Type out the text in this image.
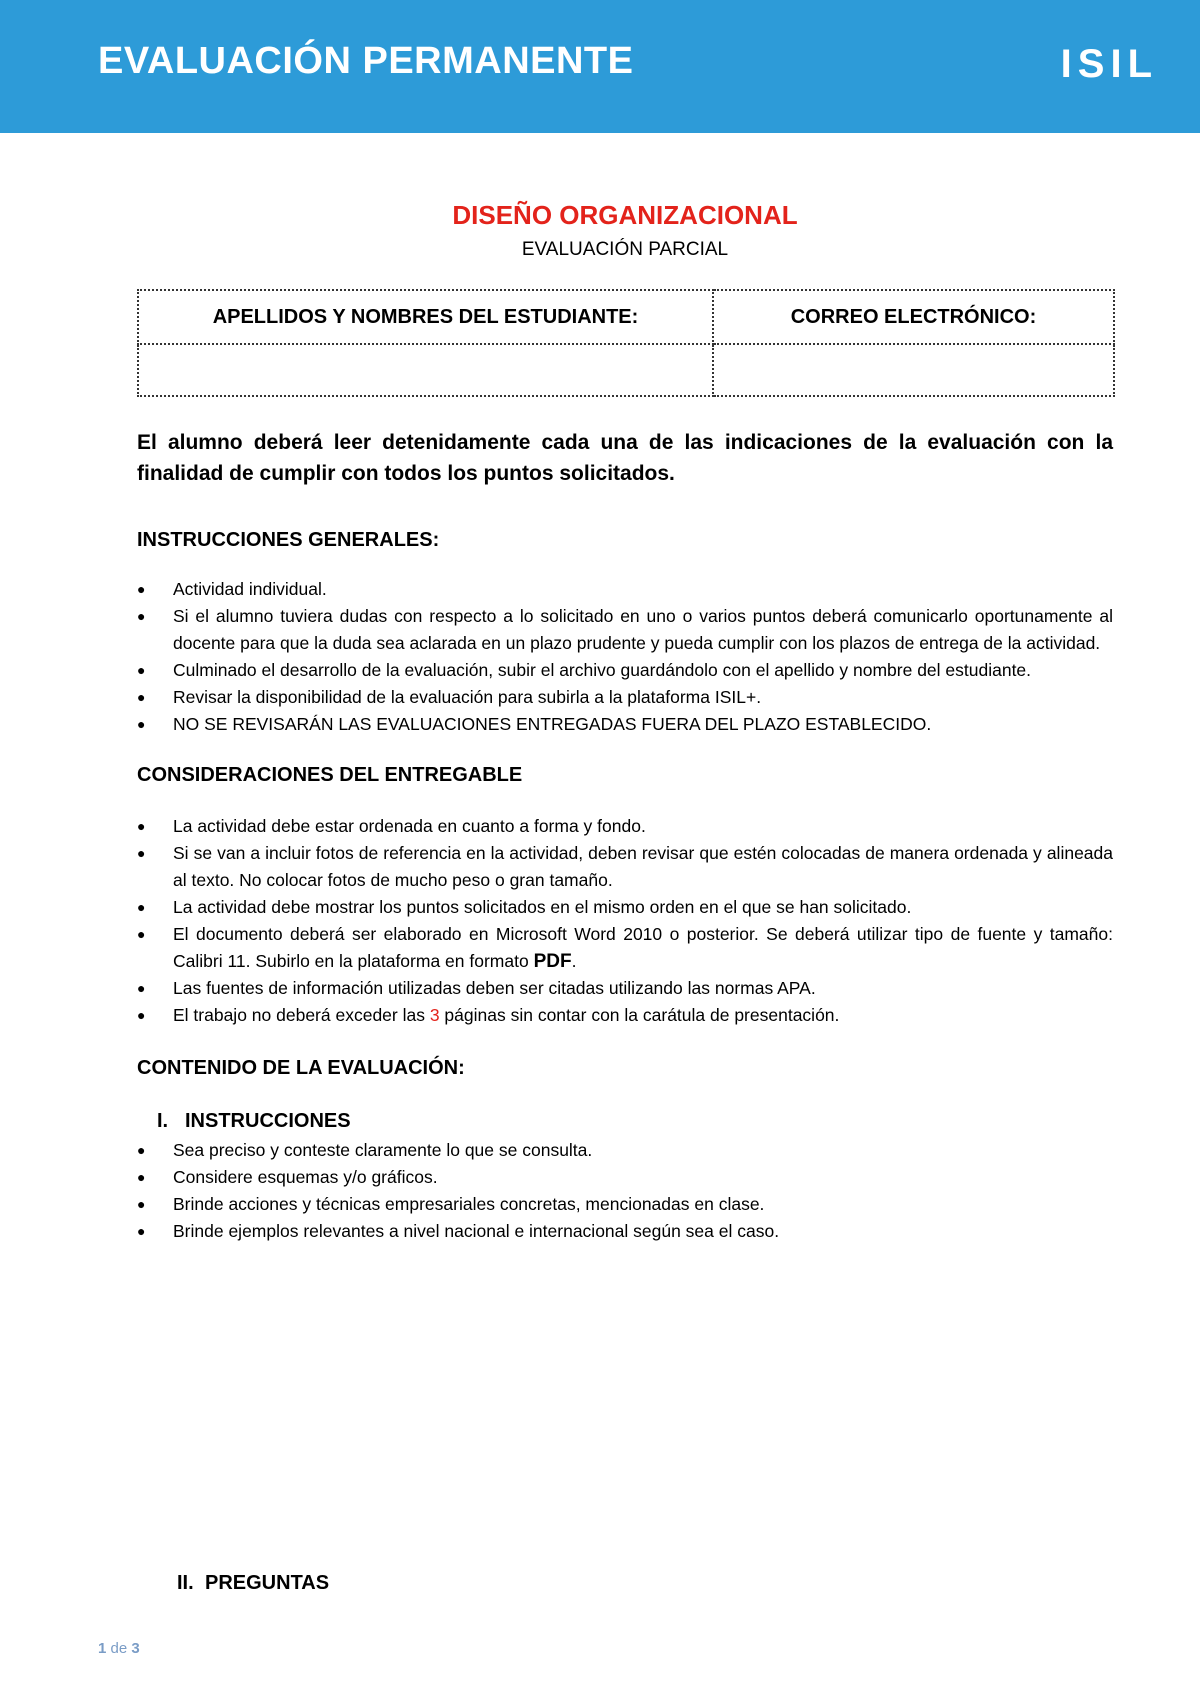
EVALUACIÓN PERMANENTE	ISIL
DISEÑO ORGANIZACIONAL
EVALUACIÓN PARCIAL
APELLIDOS Y NOMBRES DEL ESTUDIANTE:	CORREO ELECTRÓNICO:

El alumno deberá leer detenidamente cada una de las indicaciones de la evaluación con la finalidad de cumplir con todos los puntos solicitados.
INSTRUCCIONES GENERALES:
● Actividad individual.
● Si el alumno tuviera dudas con respecto a lo solicitado en uno o varios puntos deberá comunicarlo oportunamente al docente para que la duda sea aclarada en un plazo prudente y pueda cumplir con los plazos de entrega de la actividad.
● Culminado el desarrollo de la evaluación, subir el archivo guardándolo con el apellido y nombre del estudiante.
● Revisar la disponibilidad de la evaluación para subirla a la plataforma ISIL+.
● NO SE REVISARÁN LAS EVALUACIONES ENTREGADAS FUERA DEL PLAZO ESTABLECIDO.
CONSIDERACIONES DEL ENTREGABLE
● La actividad debe estar ordenada en cuanto a forma y fondo.
● Si se van a incluir fotos de referencia en la actividad, deben revisar que estén colocadas de manera ordenada y alineada al texto. No colocar fotos de mucho peso o gran tamaño.
● La actividad debe mostrar los puntos solicitados en el mismo orden en el que se han solicitado.
● El documento deberá ser elaborado en Microsoft Word 2010 o posterior. Se deberá utilizar tipo de fuente y tamaño: Calibri 11. Subirlo en la plataforma en formato PDF.
● Las fuentes de información utilizadas deben ser citadas utilizando las normas APA.
● El trabajo no deberá exceder las 3 páginas sin contar con la carátula de presentación.
CONTENIDO DE LA EVALUACIÓN:
I. INSTRUCCIONES
● Sea preciso y conteste claramente lo que se consulta.
● Considere esquemas y/o gráficos.
● Brinde acciones y técnicas empresariales concretas, mencionadas en clase.
● Brinde ejemplos relevantes a nivel nacional e internacional según sea el caso.
II. PREGUNTAS
1 de 3
